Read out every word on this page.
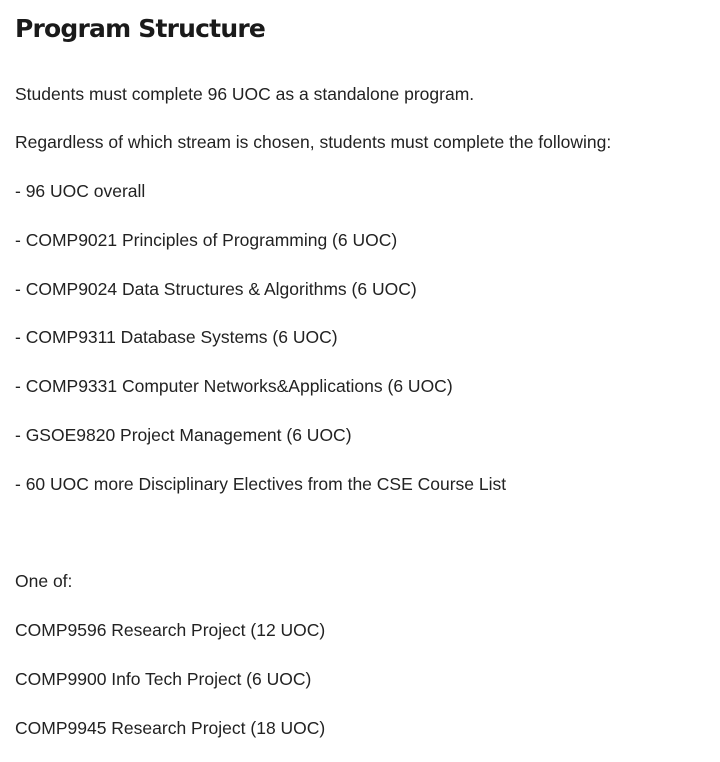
Program Structure
Students must complete 96 UOC as a standalone program.
Regardless of which stream is chosen, students must complete the following:
- 96 UOC overall
- COMP9021 Principles of Programming (6 UOC)
- COMP9024 Data Structures & Algorithms (6 UOC)
- COMP9311 Database Systems (6 UOC)
- COMP9331 Computer Networks&Applications (6 UOC)
- GSOE9820 Project Management (6 UOC)
- 60 UOC more Disciplinary Electives from the CSE Course List
One of:
COMP9596 Research Project (12 UOC)
COMP9900 Info Tech Project (6 UOC)
COMP9945 Research Project (18 UOC)
